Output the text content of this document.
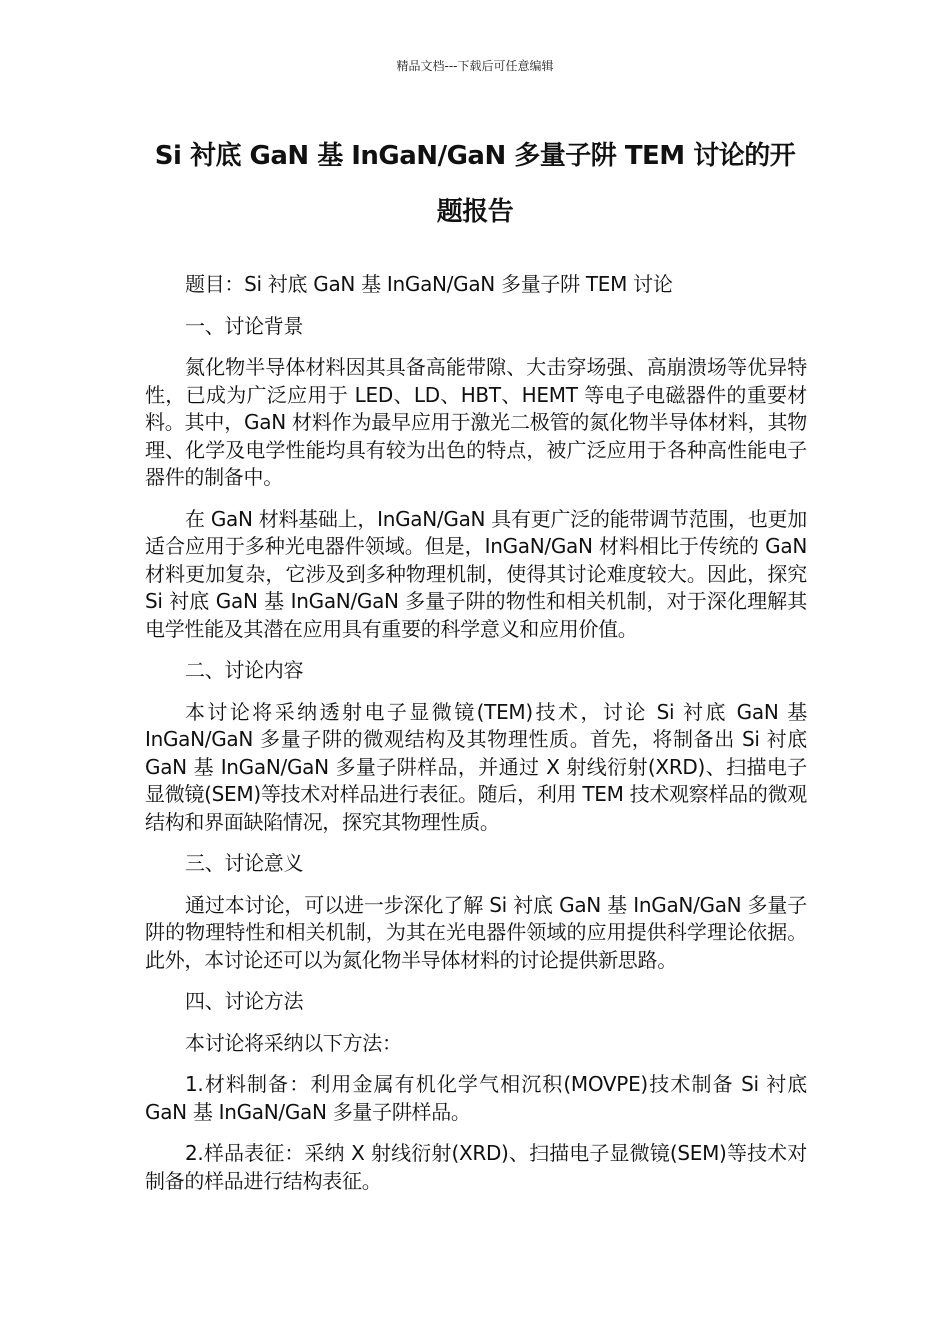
精品文档---下载后可任意编辑
Si 衬底 GaN 基 InGaN/GaN 多量子阱 TEM 讨论的开题报告

题目：Si 衬底 GaN 基 InGaN/GaN 多量子阱 TEM 讨论

一、讨论背景

氮化物半导体材料因其具备高能带隙、大击穿场强、高崩溃场等优异特性，已成为广泛应用于 LED、LD、HBT、HEMT 等电子电磁器件的重要材料。其中，GaN 材料作为最早应用于激光二极管的氮化物半导体材料，其物理、化学及电学性能均具有较为出色的特点，被广泛应用于各种高性能电子器件的制备中。

在 GaN 材料基础上，InGaN/GaN 具有更广泛的能带调节范围，也更加适合应用于多种光电器件领域。但是，InGaN/GaN 材料相比于传统的 GaN 材料更加复杂，它涉及到多种物理机制，使得其讨论难度较大。因此，探究 Si 衬底 GaN 基 InGaN/GaN 多量子阱的物性和相关机制，对于深化理解其电学性能及其潜在应用具有重要的科学意义和应用价值。

二、讨论内容

本讨论将采纳透射电子显微镜(TEM)技术，讨论 Si 衬底 GaN 基 InGaN/GaN 多量子阱的微观结构及其物理性质。首先，将制备出 Si 衬底 GaN 基 InGaN/GaN 多量子阱样品，并通过 X 射线衍射(XRD)、扫描电子显微镜(SEM)等技术对样品进行表征。随后，利用 TEM 技术观察样品的微观结构和界面缺陷情况，探究其物理性质。

三、讨论意义

通过本讨论，可以进一步深化了解 Si 衬底 GaN 基 InGaN/GaN 多量子阱的物理特性和相关机制，为其在光电器件领域的应用提供科学理论依据。此外，本讨论还可以为氮化物半导体材料的讨论提供新思路。

四、讨论方法

本讨论将采纳以下方法：

1.材料制备：利用金属有机化学气相沉积(MOVPE)技术制备 Si 衬底 GaN 基 InGaN/GaN 多量子阱样品。

2.样品表征：采纳 X 射线衍射(XRD)、扫描电子显微镜(SEM)等技术对制备的样品进行结构表征。
